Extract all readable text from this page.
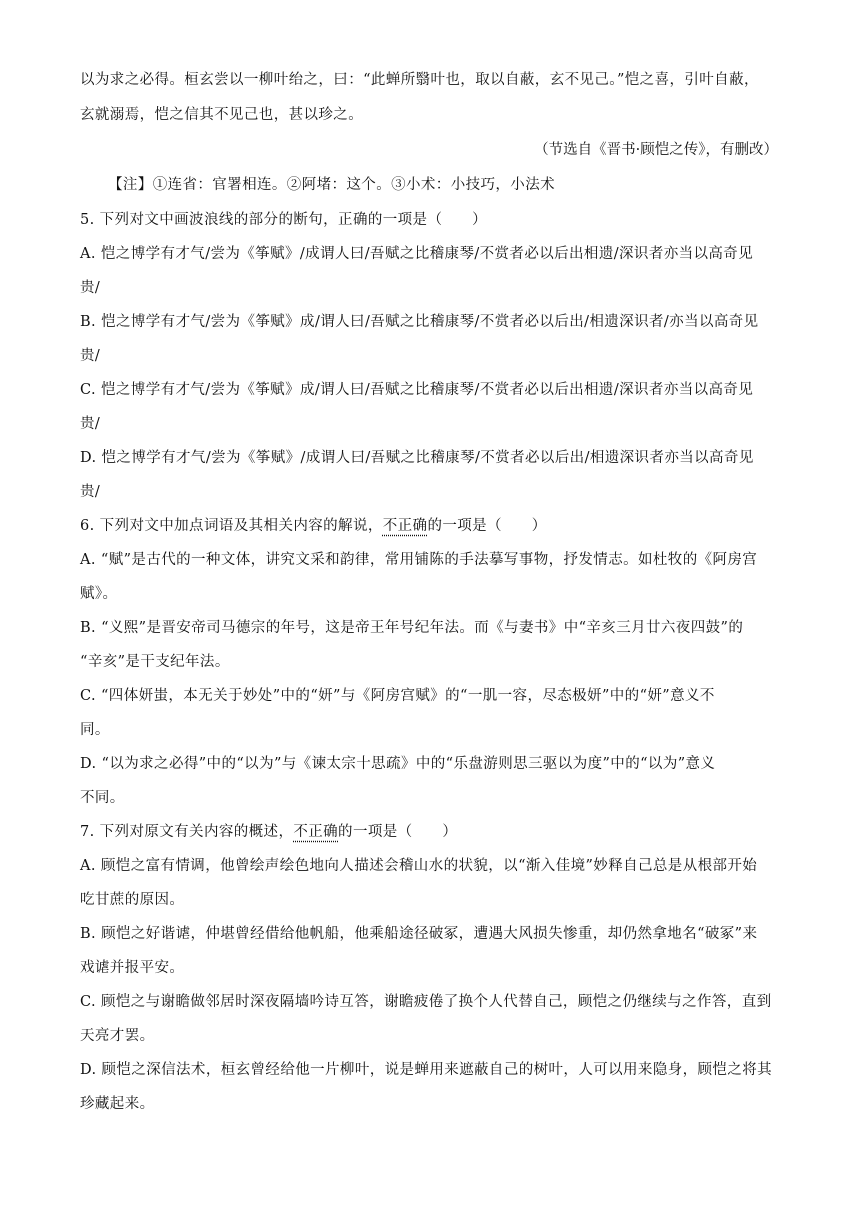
以为求之必得。桓玄尝以一柳叶绐之，曰：“此蝉所翳叶也，取以自蔽，玄不见己。”恺之喜，引叶自蔽，
玄就溺焉，恺之信其不见己也，甚以珍之。
（节选自《晋书·顾恺之传》，有删改）
【注】①连省：官署相连。②阿堵：这个。③小术：小技巧，小法术
5. 下列对文中画波浪线的部分的断句，正确的一项是（　　）
A. 恺之博学有才气/尝为《筝赋》/成谓人曰/吾赋之比稽康琴/不赏者必以后出相遗/深识者亦当以高奇见
贵/
B. 恺之博学有才气/尝为《筝赋》成/谓人曰/吾赋之比稽康琴/不赏者必以后出/相遗深识者/亦当以高奇见
贵/
C. 恺之博学有才气/尝为《筝赋》成/谓人曰/吾赋之比稽康琴/不赏者必以后出相遗/深识者亦当以高奇见
贵/
D. 恺之博学有才气/尝为《筝赋》/成谓人曰/吾赋之比稽康琴/不赏者必以后出/相遗深识者亦当以高奇见
贵/
6. 下列对文中加点词语及其相关内容的解说，不正确的一项是（　　）
A. “赋”是古代的一种文体，讲究文采和韵律，常用铺陈的手法摹写事物，抒发情志。如杜牧的《阿房宫
赋》。
B. “义熙”是晋安帝司马德宗的年号，这是帝王年号纪年法。而《与妻书》中“辛亥三月廿六夜四鼓”的
“辛亥”是干支纪年法。
C. “四体妍蚩，本无关于妙处”中的“妍”与《阿房宫赋》的“一肌一容，尽态极妍”中的“妍”意义不
同。
D. “以为求之必得”中的“以为”与《谏太宗十思疏》中的“乐盘游则思三驱以为度”中的“以为”意义
不同。
7. 下列对原文有关内容的概述，不正确的一项是（　　）
A. 顾恺之富有情调，他曾绘声绘色地向人描述会稽山水的状貌，以“渐入佳境”妙释自己总是从根部开始
吃甘蔗的原因。
B. 顾恺之好谐谑，仲堪曾经借给他帆船，他乘船途径破冢，遭遇大风损失惨重，却仍然拿地名“破冢”来
戏谑并报平安。
C. 顾恺之与谢瞻做邻居时深夜隔墙吟诗互答，谢瞻疲倦了换个人代替自己，顾恺之仍继续与之作答，直到
天亮才罢。
D. 顾恺之深信法术，桓玄曾经给他一片柳叶，说是蝉用来遮蔽自己的树叶，人可以用来隐身，顾恺之将其
珍藏起来。
